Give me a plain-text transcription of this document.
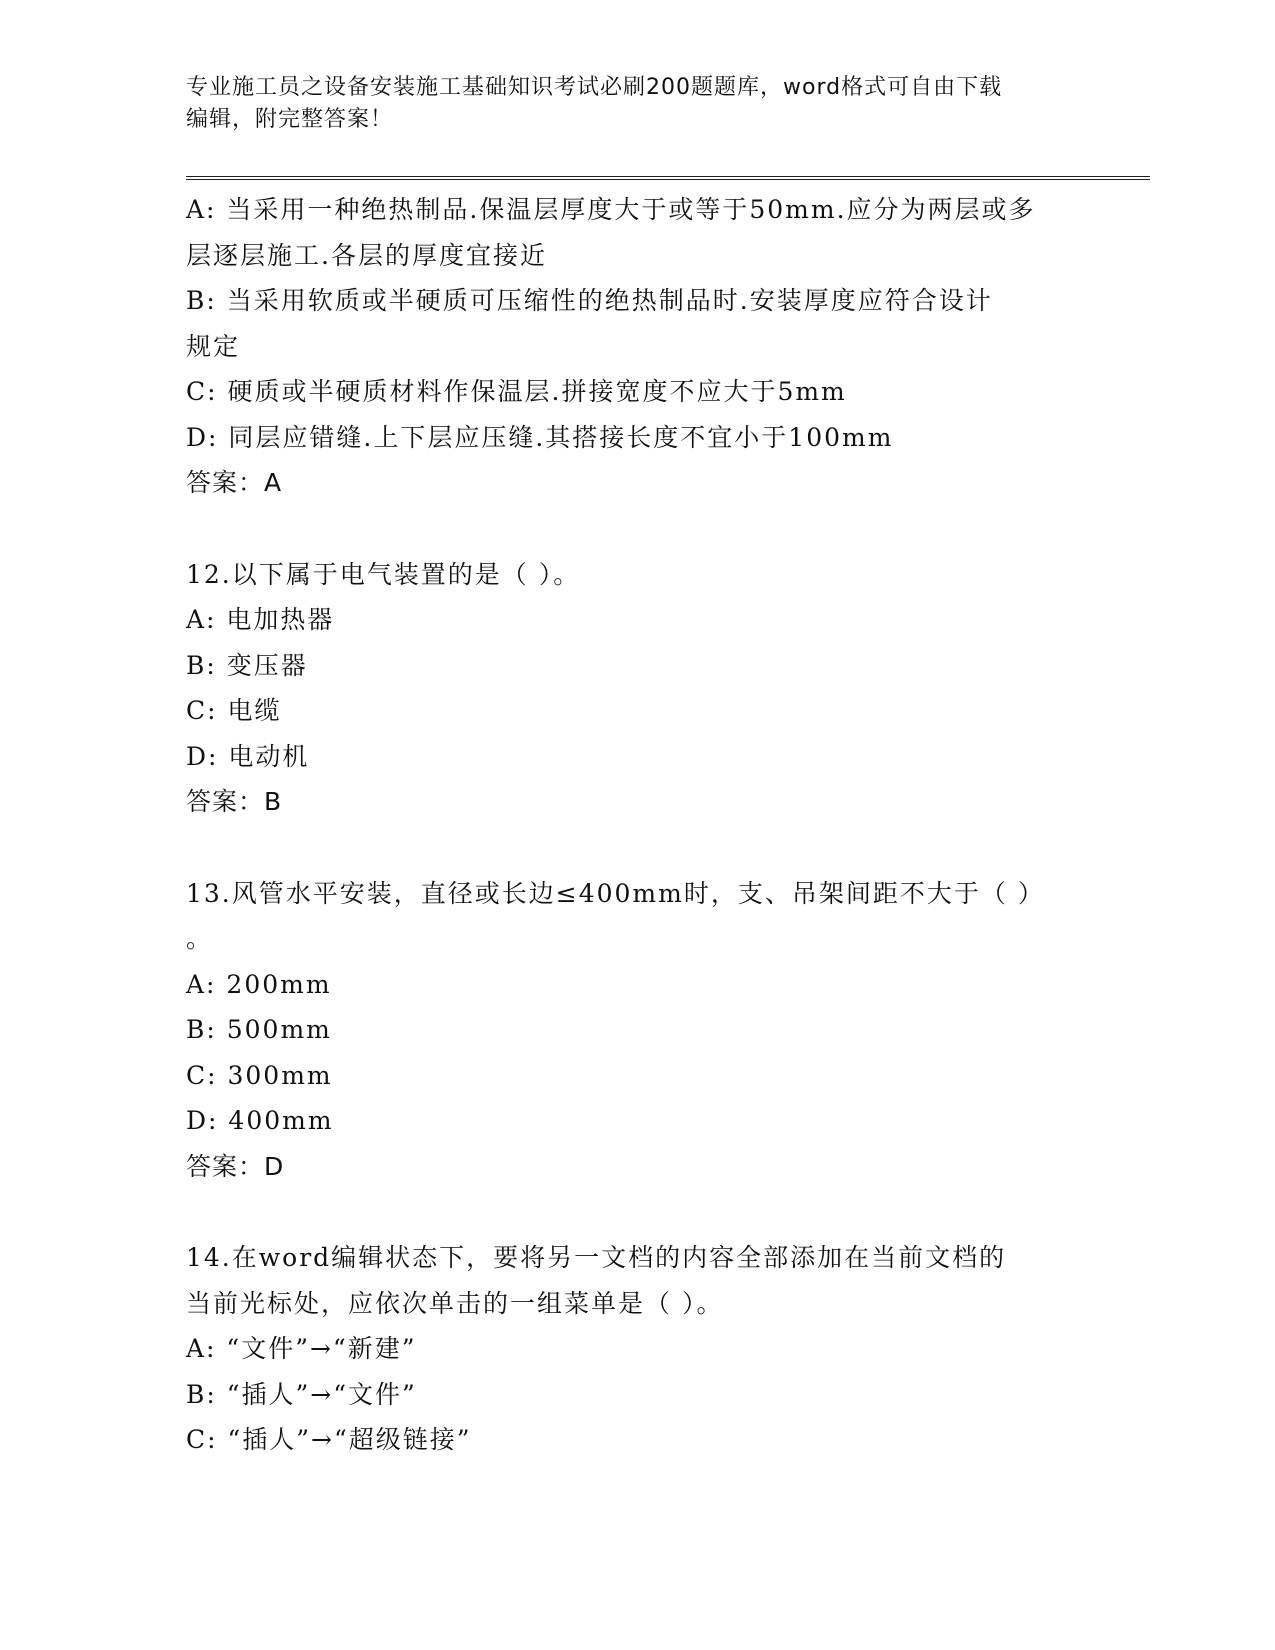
专业施工员之设备安装施工基础知识考试必刷200题题库，word格式可自由下载
编辑，附完整答案！
A: 当采用一种绝热制品.保温层厚度大于或等于50mm.应分为两层或多
层逐层施工.各层的厚度宜接近
B: 当采用软质或半硬质可压缩性的绝热制品时.安装厚度应符合设计
规定
C: 硬质或半硬质材料作保温层.拼接宽度不应大于5mm
D: 同层应错缝.上下层应压缝.其搭接长度不宜小于100mm
答案：A
12.以下属于电气装置的是（ ）。
A: 电加热器
B: 变压器
C: 电缆
D: 电动机
答案：B
13.风管水平安装，直径或长边≤400mm时，支、吊架间距不大于（ ）
。
A: 200mm
B: 500mm
C: 300mm
D: 400mm
答案：D
14.在word编辑状态下，要将另一文档的内容全部添加在当前文档的
当前光标处，应依次单击的一组菜单是（ ）。
A: “文件”→“新建”
B: “插人”→“文件”
C: “插人”→“超级链接”
